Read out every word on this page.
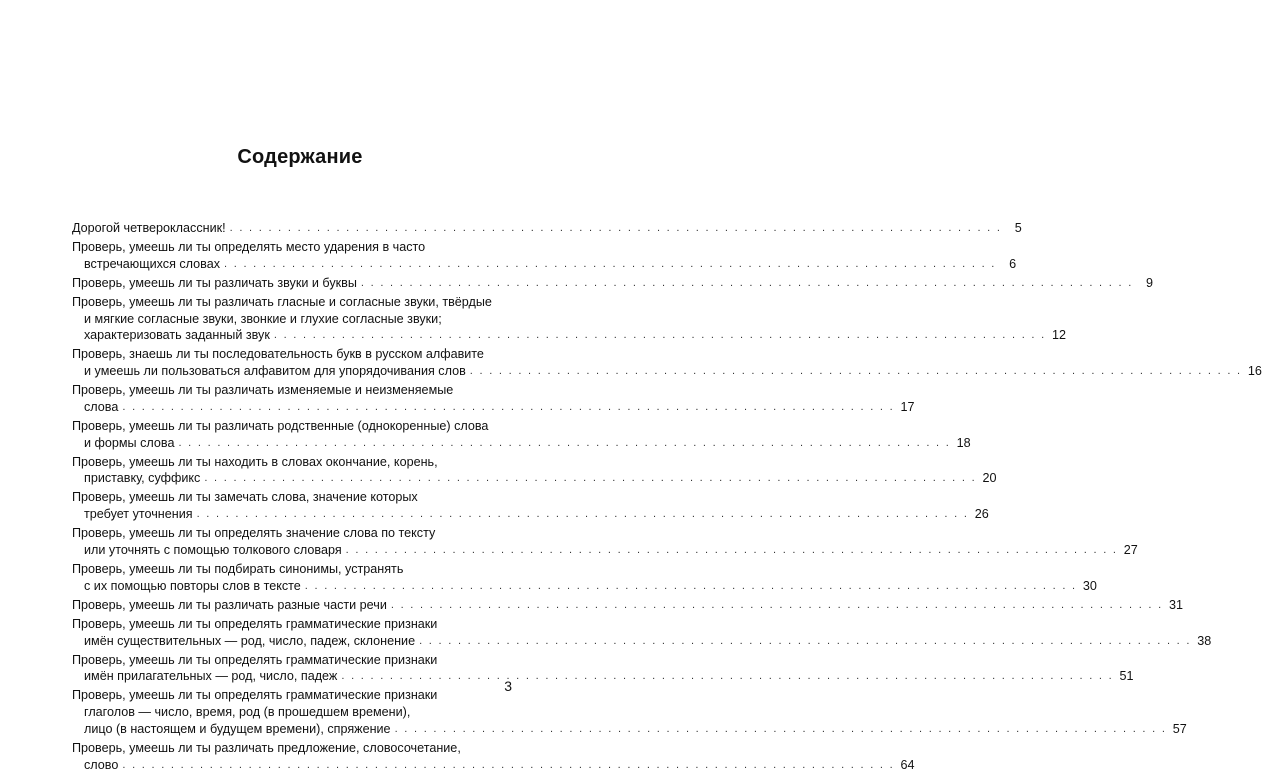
Содержание
Дорогой четвероклассник! . . . . . . . . . . . . . . . . . . . . . . . . . . . . . . . . . . . . . . . . . . . . . . . . . . . . . . . . . . . . . . . . . . . . . . . . . . . . . . . .	5
Проверь, умеешь ли ты определять место ударения в часто
встречающихся словах . . . . . . . . . . . . . . . . . . . . . . . . . . . . . . . . . . . . . . . . . . . . . . . . . . . . . . . . . . . . . . . . . . . . . . . . . . . . . . . .	6
Проверь, умеешь ли ты различать звуки и буквы . . . . . . . . . . . . . . . . . . . . . . . . . . . . . . . . . . . . . . . . . . . . . . . . . . . . . . . . . . . . . . . . . . . . . . . . . . . . . . . .	9
Проверь, умеешь ли ты различать гласные и согласные звуки, твёрдые
и мягкие согласные звуки, звонкие и глухие согласные звуки;
характеризовать заданный звук . . . . . . . . . . . . . . . . . . . . . . . . . . . . . . . . . . . . . . . . . . . . . . . . . . . . . . . . . . . . . . . . . . . . . . . . . . . . . . . . 12
Проверь, знаешь ли ты последовательность букв в русском алфавите
и умеешь ли пользоваться алфавитом для упорядочивания слов . . . . . . . . . . . . . . . . . . . . . . . . . . . . . . . . . . . . . . . . . . . . . . . . . . . . . . . . . . . . . . . . . . . . . . . . . . . . . . . . 16
Проверь, умеешь ли ты различать изменяемые и неизменяемые
слова . . . . . . . . . . . . . . . . . . . . . . . . . . . . . . . . . . . . . . . . . . . . . . . . . . . . . . . . . . . . . . . . . . . . . . . . . . . . . . . . 17
Проверь, умеешь ли ты различать родственные (однокоренные) слова
и формы слова . . . . . . . . . . . . . . . . . . . . . . . . . . . . . . . . . . . . . . . . . . . . . . . . . . . . . . . . . . . . . . . . . . . . . . . . . . . . . . . . 18
Проверь, умеешь ли ты находить в словах окончание, корень,
приставку, суффикс . . . . . . . . . . . . . . . . . . . . . . . . . . . . . . . . . . . . . . . . . . . . . . . . . . . . . . . . . . . . . . . . . . . . . . . . . . . . . . . . 20
Проверь, умеешь ли ты замечать слова, значение которых
требует уточнения . . . . . . . . . . . . . . . . . . . . . . . . . . . . . . . . . . . . . . . . . . . . . . . . . . . . . . . . . . . . . . . . . . . . . . . . . . . . . . . . 26
Проверь, умеешь ли ты определять значение слова по тексту
или уточнять с помощью толкового словаря . . . . . . . . . . . . . . . . . . . . . . . . . . . . . . . . . . . . . . . . . . . . . . . . . . . . . . . . . . . . . . . . . . . . . . . . . . . . . . . . 27
Проверь, умеешь ли ты подбирать синонимы, устранять
с их помощью повторы слов в тексте . . . . . . . . . . . . . . . . . . . . . . . . . . . . . . . . . . . . . . . . . . . . . . . . . . . . . . . . . . . . . . . . . . . . . . . . . . . . . . . . 30
Проверь, умеешь ли ты различать разные части речи . . . . . . . . . . . . . . . . . . . . . . . . . . . . . . . . . . . . . . . . . . . . . . . . . . . . . . . . . . . . . . . . . . . . . . . . . . . . . . . . 31
Проверь, умеешь ли ты определять грамматические признаки
имён существительных — род, число, падеж, склонение . . . . . . . . . . . . . . . . . . . . . . . . . . . . . . . . . . . . . . . . . . . . . . . . . . . . . . . . . . . . . . . . . . . . . . . . . . . . . . . . 38
Проверь, умеешь ли ты определять грамматические признаки
имён прилагательных — род, число, падеж . . . . . . . . . . . . . . . . . . . . . . . . . . . . . . . . . . . . . . . . . . . . . . . . . . . . . . . . . . . . . . . . . . . . . . . . . . . . . . . . 51
Проверь, умеешь ли ты определять грамматические признаки
глаголов — число, время, род (в прошедшем времени),
лицо (в настоящем и будущем времени), спряжение . . . . . . . . . . . . . . . . . . . . . . . . . . . . . . . . . . . . . . . . . . . . . . . . . . . . . . . . . . . . . . . . . . . . . . . . . . . . . . . . 57
Проверь, умеешь ли ты различать предложение, словосочетание,
слово . . . . . . . . . . . . . . . . . . . . . . . . . . . . . . . . . . . . . . . . . . . . . . . . . . . . . . . . . . . . . . . . . . . . . . . . . . . . . . . . 64
3
